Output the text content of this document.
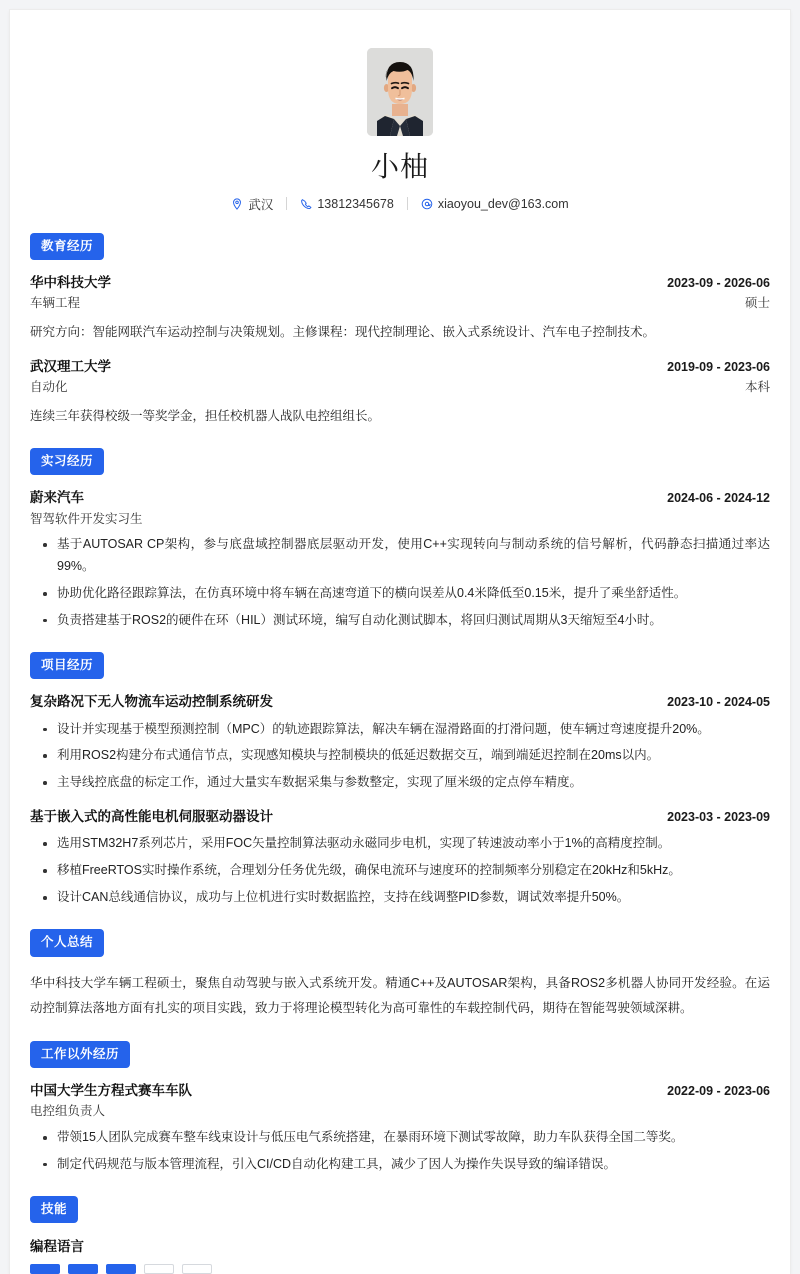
小柚
武汉	13812345678	xiaoyou_dev@163.com
教育经历
华中科技大学	2023-09 - 2026-06
车辆工程	硕士
研究方向：智能网联汽车运动控制与决策规划。主修课程：现代控制理论、嵌入式系统设计、汽车电子控制技术。
武汉理工大学	2019-09 - 2023-06
自动化	本科
连续三年获得校级一等奖学金，担任校机器人战队电控组组长。
实习经历
蔚来汽车	2024-06 - 2024-12
智驾软件开发实习生
基于AUTOSAR CP架构，参与底盘域控制器底层驱动开发，使用C++实现转向与制动系统的信号解析，代码静态扫描通过率达99%。
协助优化路径跟踪算法，在仿真环境中将车辆在高速弯道下的横向误差从0.4米降低至0.15米，提升了乘坐舒适性。
负责搭建基于ROS2的硬件在环（HIL）测试环境，编写自动化测试脚本，将回归测试周期从3天缩短至4小时。
项目经历
复杂路况下无人物流车运动控制系统研发	2023-10 - 2024-05
设计并实现基于模型预测控制（MPC）的轨迹跟踪算法，解决车辆在湿滑路面的打滑问题，使车辆过弯速度提升20%。
利用ROS2构建分布式通信节点，实现感知模块与控制模块的低延迟数据交互，端到端延迟控制在20ms以内。
主导线控底盘的标定工作，通过大量实车数据采集与参数整定，实现了厘米级的定点停车精度。
基于嵌入式的高性能电机伺服驱动器设计	2023-03 - 2023-09
选用STM32H7系列芯片，采用FOC矢量控制算法驱动永磁同步电机，实现了转速波动率小于1%的高精度控制。
移植FreeRTOS实时操作系统，合理划分任务优先级，确保电流环与速度环的控制频率分别稳定在20kHz和5kHz。
设计CAN总线通信协议，成功与上位机进行实时数据监控，支持在线调整PID参数，调试效率提升50%。
个人总结
华中科技大学车辆工程硕士，聚焦自动驾驶与嵌入式系统开发。精通C++及AUTOSAR架构，具备ROS2多机器人协同开发经验。在运动控制算法落地方面有扎实的项目实践，致力于将理论模型转化为高可靠性的车载控制代码，期待在智能驾驶领域深耕。
工作以外经历
中国大学生方程式赛车车队	2022-09 - 2023-06
电控组负责人
带领15人团队完成赛车整车线束设计与低压电气系统搭建，在暴雨环境下测试零故障，助力车队获得全国二等奖。
制定代码规范与版本管理流程，引入CI/CD自动化构建工具，减少了因人为操作失误导致的编译错误。
技能
编程语言
